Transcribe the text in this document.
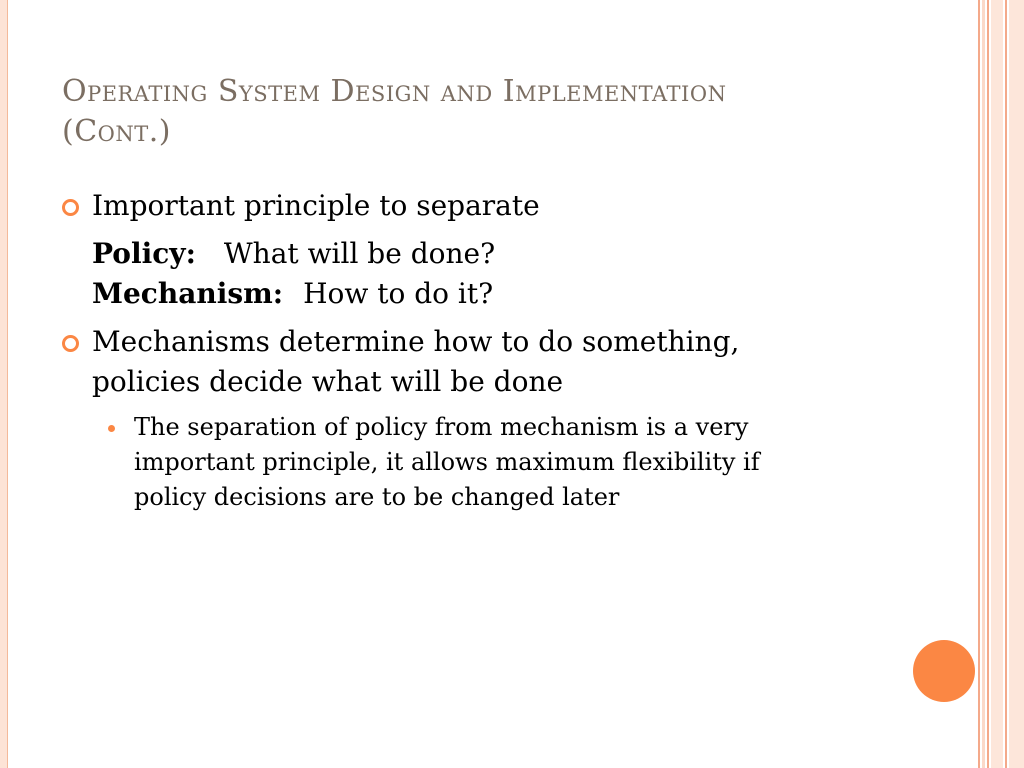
Operating System Design and Implementation
(Cont.)
Important principle to separate
Policy: What will be done?
Mechanism: How to do it?
Mechanisms determine how to do something,
policies decide what will be done
The separation of policy from mechanism is a very
important principle, it allows maximum flexibility if
policy decisions are to be changed later
